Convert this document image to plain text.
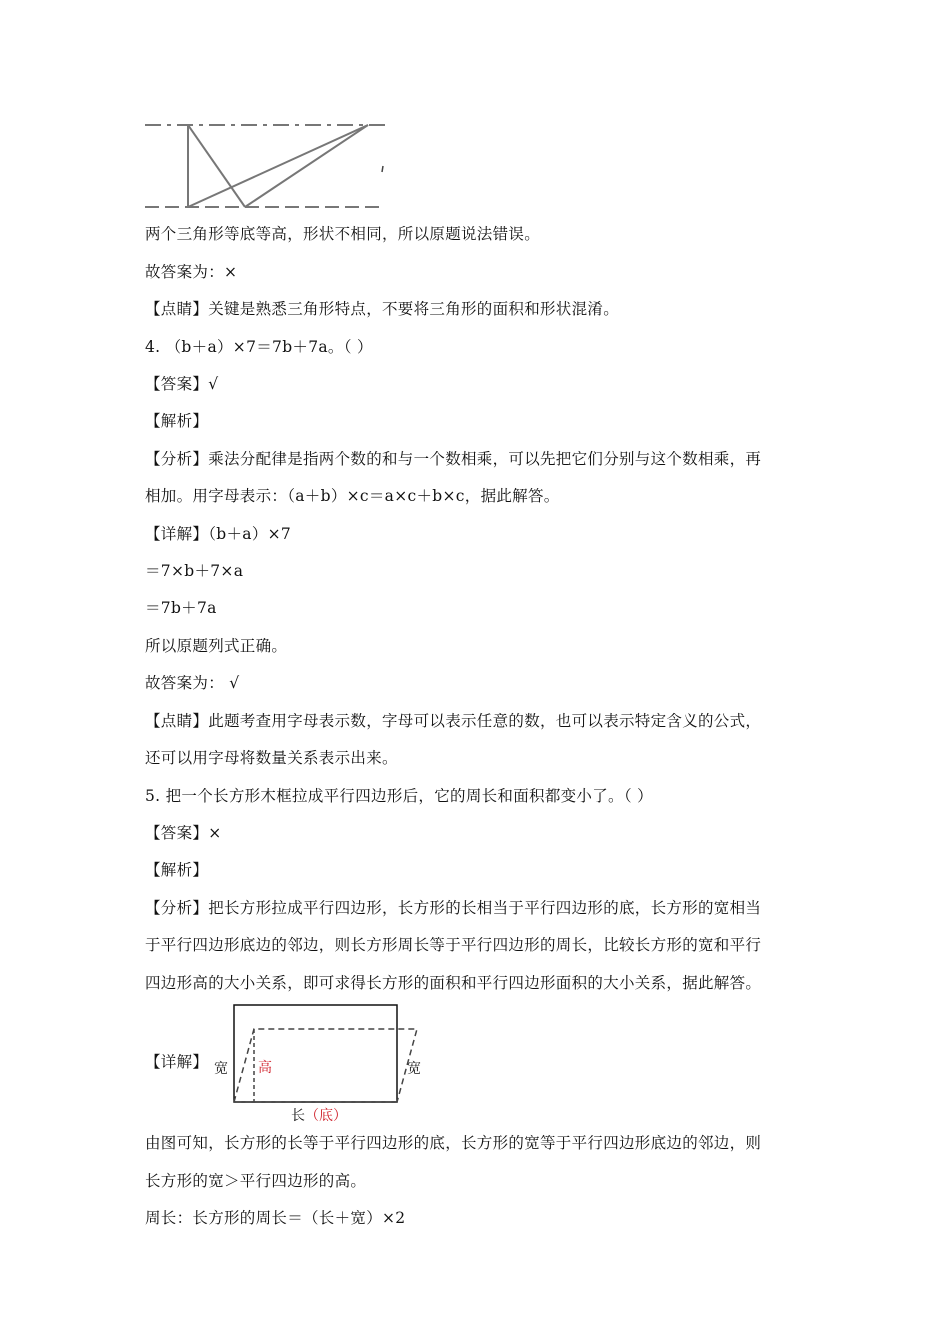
两个三角形等底等高，形状不相同，所以原题说法错误。
故答案为：×
【点睛】关键是熟悉三角形特点，不要将三角形的面积和形状混淆。
4. （b＋a）×7＝7b＋7a。（ ）
【答案】√
【解析】
【分析】乘法分配律是指两个数的和与一个数相乘，可以先把它们分别与这个数相乘，再
相加。用字母表示：（a＋b）×c＝a×c＋b×c，据此解答。
【详解】（b＋a）×7
＝7×b＋7×a
＝7b＋7a
所以原题列式正确。
故答案为： √
【点睛】此题考查用字母表示数，字母可以表示任意的数，也可以表示特定含义的公式，
还可以用字母将数量关系表示出来。
5. 把一个长方形木框拉成平行四边形后，它的周长和面积都变小了。（ ）
【答案】×
【解析】
【分析】把长方形拉成平行四边形，长方形的长相当于平行四边形的底，长方形的宽相当
于平行四边形底边的邻边，则长方形周长等于平行四边形的周长，比较长方形的宽和平行
四边形高的大小关系，即可求得长方形的面积和平行四边形面积的大小关系，据此解答。
【详解】 宽 高	宽
长（底）
由图可知，长方形的长等于平行四边形的底，长方形的宽等于平行四边形底边的邻边，则
长方形的宽＞平行四边形的高。
周长：长方形的周长＝（长＋宽）×2
